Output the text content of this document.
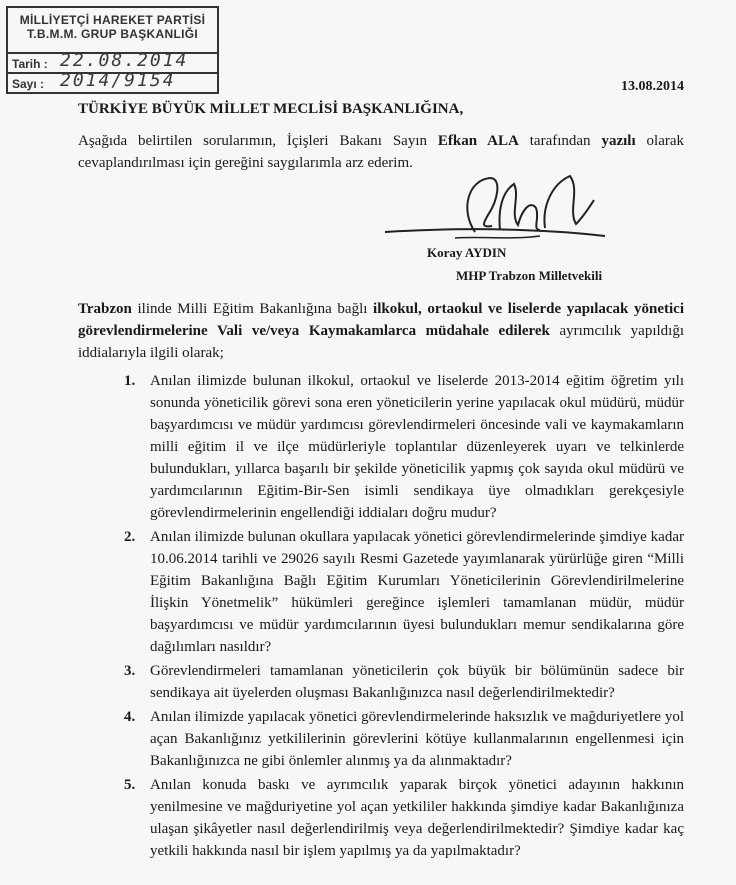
MİLLİYETÇİ HAREKET PARTİSİ
T.B.M.M. GRUP BAŞKANLIĞI
Tarih : 22.08.2014
Sayı : 2014/9154	13.08.2014
TÜRKİYE BÜYÜK MİLLET MECLİSİ BAŞKANLIĞINA,
Aşağıda belirtilen sorularımın, İçişleri Bakanı Sayın Efkan ALA tarafından yazılı olarak cevaplandırılması için gereğini saygılarımla arz ederim.
Koray AYDIN
MHP Trabzon Milletvekili
Trabzon ilinde Milli Eğitim Bakanlığına bağlı ilkokul, ortaokul ve liselerde yapılacak yönetici görevlendirmelerine Vali ve/veya Kaymakamlarca müdahale edilerek ayrımcılık yapıldığı iddialarıyla ilgili olarak;
1. Anılan ilimizde bulunan ilkokul, ortaokul ve liselerde 2013-2014 eğitim öğretim yılı sonunda yöneticilik görevi sona eren yöneticilerin yerine yapılacak okul müdürü, müdür başyardımcısı ve müdür yardımcısı görevlendirmeleri öncesinde vali ve kaymakamların milli eğitim il ve ilçe müdürleriyle toplantılar düzenleyerek uyarı ve telkinlerde bulundukları, yıllarca başarılı bir şekilde yöneticilik yapmış çok sayıda okul müdürü ve yardımcılarının Eğitim-Bir-Sen isimli sendikaya üye olmadıkları gerekçesiyle görevlendirmelerinin engellendiği iddiaları doğru mudur?
2. Anılan ilimizde bulunan okullara yapılacak yönetici görevlendirmelerinde şimdiye kadar 10.06.2014 tarihli ve 29026 sayılı Resmi Gazetede yayımlanarak yürürlüğe giren “Milli Eğitim Bakanlığına Bağlı Eğitim Kurumları Yöneticilerinin Görevlendirilmelerine İlişkin Yönetmelik” hükümleri gereğince işlemleri tamamlanan müdür, müdür başyardımcısı ve müdür yardımcılarının üyesi bulundukları memur sendikalarına göre dağılımları nasıldır?
3. Görevlendirmeleri tamamlanan yöneticilerin çok büyük bir bölümünün sadece bir sendikaya ait üyelerden oluşması Bakanlığınızca nasıl değerlendirilmektedir?
4. Anılan ilimizde yapılacak yönetici görevlendirmelerinde haksızlık ve mağduriyetlere yol açan Bakanlığınız yetkililerinin görevlerini kötüye kullanmalarının engellenmesi için Bakanlığınızca ne gibi önlemler alınmış ya da alınmaktadır?
5. Anılan konuda baskı ve ayrımcılık yaparak birçok yönetici adayının hakkının yenilmesine ve mağduriyetine yol açan yetkililer hakkında şimdiye kadar Bakanlığınıza ulaşan şikâyetler nasıl değerlendirilmiş veya değerlendirilmektedir? Şimdiye kadar kaç yetkili hakkında nasıl bir işlem yapılmış ya da yapılmaktadır?
